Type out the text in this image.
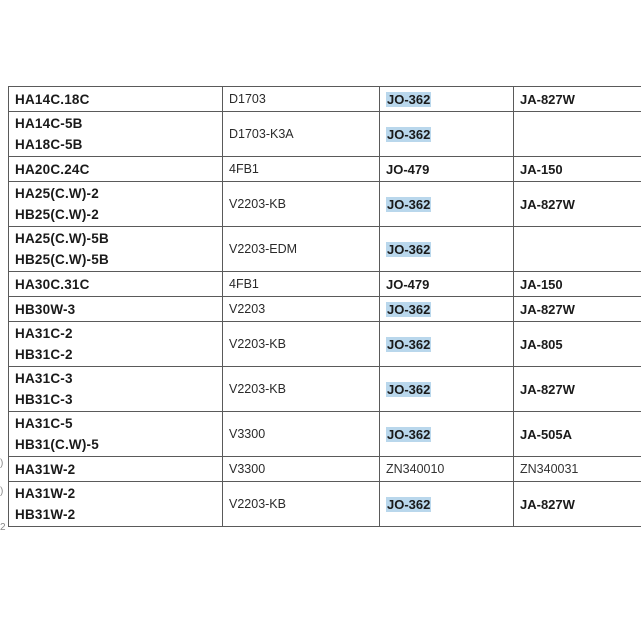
)
)
2
HA14C.18C	D1703	JO-362	JA-827W

HA14C-5B
HA18C-5B	D1703-K3A	JO-362	

HA20C.24C	4FB1	JO-479	JA-150

HA25(C.W)-2
HB25(C.W)-2	V2203-KB	JO-362	JA-827W

HA25(C.W)-5B
HB25(C.W)-5B	V2203-EDM	JO-362	

HA30C.31C	4FB1	JO-479	JA-150

HB30W-3	V2203	JO-362	JA-827W

HA31C-2
HB31C-2	V2203-KB	JO-362	JA-805

HA31C-3
HB31C-3	V2203-KB	JO-362	JA-827W

HA31C-5
HB31(C.W)-5	V3300	JO-362	JA-505A

HA31W-2	V3300	ZN340010	ZN340031

HA31W-2
HB31W-2	V2203-KB	JO-362	JA-827W
